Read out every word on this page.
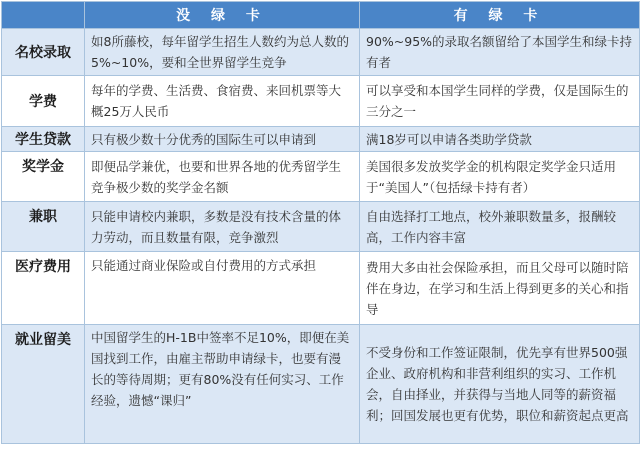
	没 绿 卡	有 绿 卡
名校录取	如8所藤校，每年留学生招生人数约为总人数的5%~10%，要和全世界留学生竞争	90%~95%的录取名额留给了本国学生和绿卡持有者
学费	每年的学费、生活费、食宿费、来回机票等大概25万人民币	可以享受和本国学生同样的学费，仅是国际生的三分之一
学生贷款	只有极少数十分优秀的国际生可以申请到	满18岁可以申请各类助学贷款
奖学金	即便品学兼优，也要和世界各地的优秀留学生竞争极少数的奖学金名额	美国很多发放奖学金的机构限定奖学金只适用于“美国人”（包括绿卡持有者）
兼职	只能申请校内兼职，多数是没有技术含量的体力劳动，而且数量有限，竞争激烈	自由选择打工地点，校外兼职数量多，报酬较高，工作内容丰富
医疗费用	只能通过商业保险或自付费用的方式承担	费用大多由社会保险承担，而且父母可以随时陪伴在身边，在学习和生活上得到更多的关心和指导
就业留美	中国留学生的H-1B中签率不足10%，即便在美国找到工作，由雇主帮助申请绿卡，也要有漫长的等待周期；更有80%没有任何实习、工作经验，遗憾“课归”	不受身份和工作签证限制，优先享有世界500强企业、政府机构和非营利组织的实习、工作机会，自由择业，并获得与当地人同等的薪资福利；回国发展也更有优势，职位和薪资起点更高
